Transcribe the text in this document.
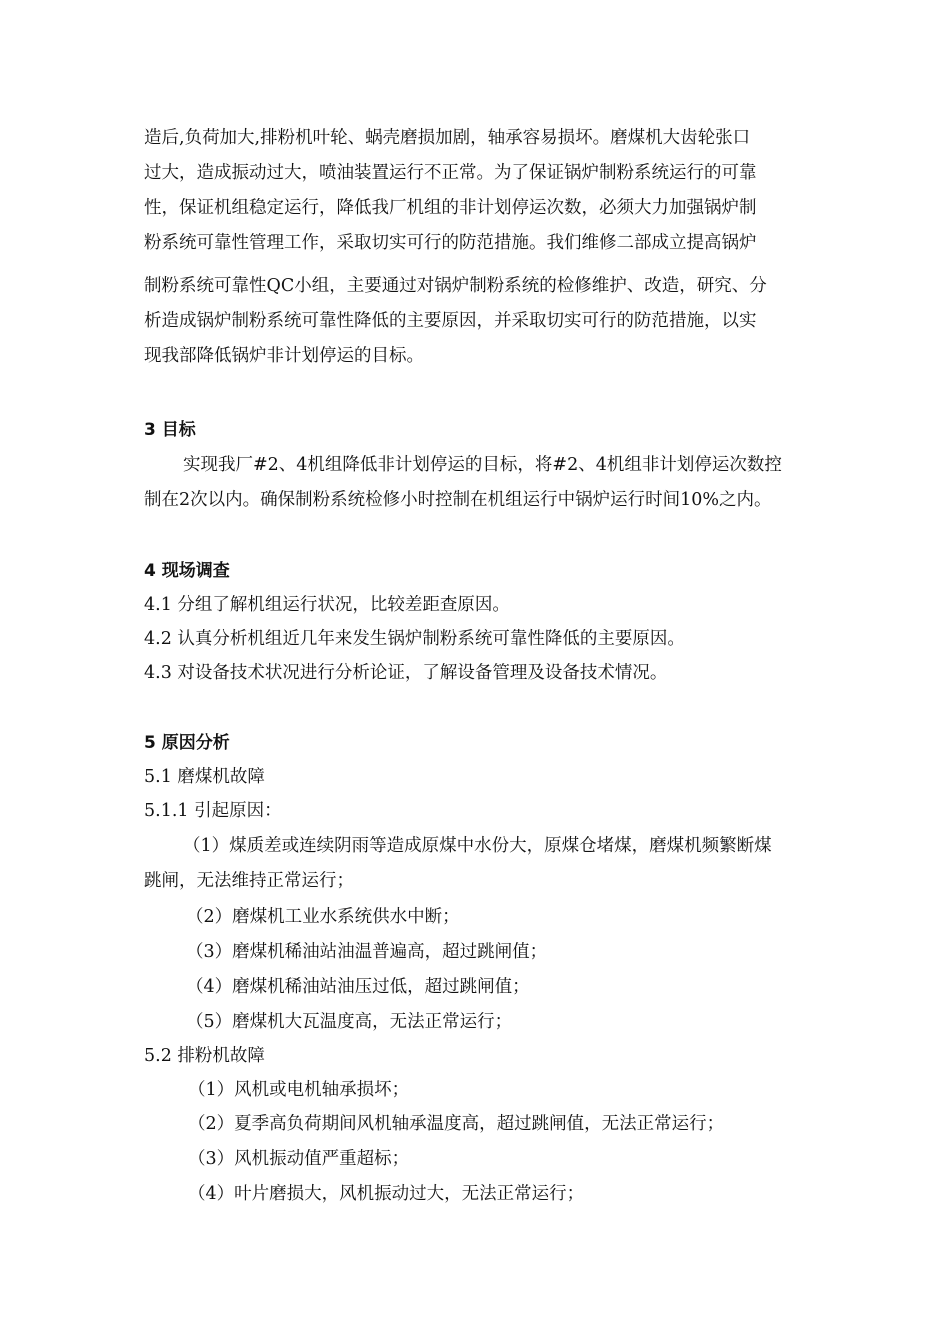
造后,负荷加大,排粉机叶轮、蜗壳磨损加剧，轴承容易损坏。磨煤机大齿轮张口
过大，造成振动过大，喷油装置运行不正常。为了保证锅炉制粉系统运行的可靠
性，保证机组稳定运行，降低我厂机组的非计划停运次数，必须大力加强锅炉制
粉系统可靠性管理工作，采取切实可行的防范措施。我们维修二部成立提高锅炉
制粉系统可靠性QC小组，主要通过对锅炉制粉系统的检修维护、改造，研究、分
析造成锅炉制粉系统可靠性降低的主要原因，并采取切实可行的防范措施，以实
现我部降低锅炉非计划停运的目标。
3 目标
实现我厂#2、4机组降低非计划停运的目标，将#2、4机组非计划停运次数控
制在2次以内。确保制粉系统检修小时控制在机组运行中锅炉运行时间10%之内。
4 现场调查
4.1 分组了解机组运行状况，比较差距查原因。
4.2 认真分析机组近几年来发生锅炉制粉系统可靠性降低的主要原因。
4.3 对设备技术状况进行分析论证，了解设备管理及设备技术情况。
5 原因分析
5.1 磨煤机故障
5.1.1 引起原因：
（1）煤质差或连续阴雨等造成原煤中水份大，原煤仓堵煤，磨煤机频繁断煤
跳闸，无法维持正常运行；
（2）磨煤机工业水系统供水中断；
（3）磨煤机稀油站油温普遍高，超过跳闸值；
（4）磨煤机稀油站油压过低，超过跳闸值；
（5）磨煤机大瓦温度高，无法正常运行；
5.2 排粉机故障
（1）风机或电机轴承损坏；
（2）夏季高负荷期间风机轴承温度高，超过跳闸值，无法正常运行；
（3）风机振动值严重超标；
（4）叶片磨损大，风机振动过大，无法正常运行；
